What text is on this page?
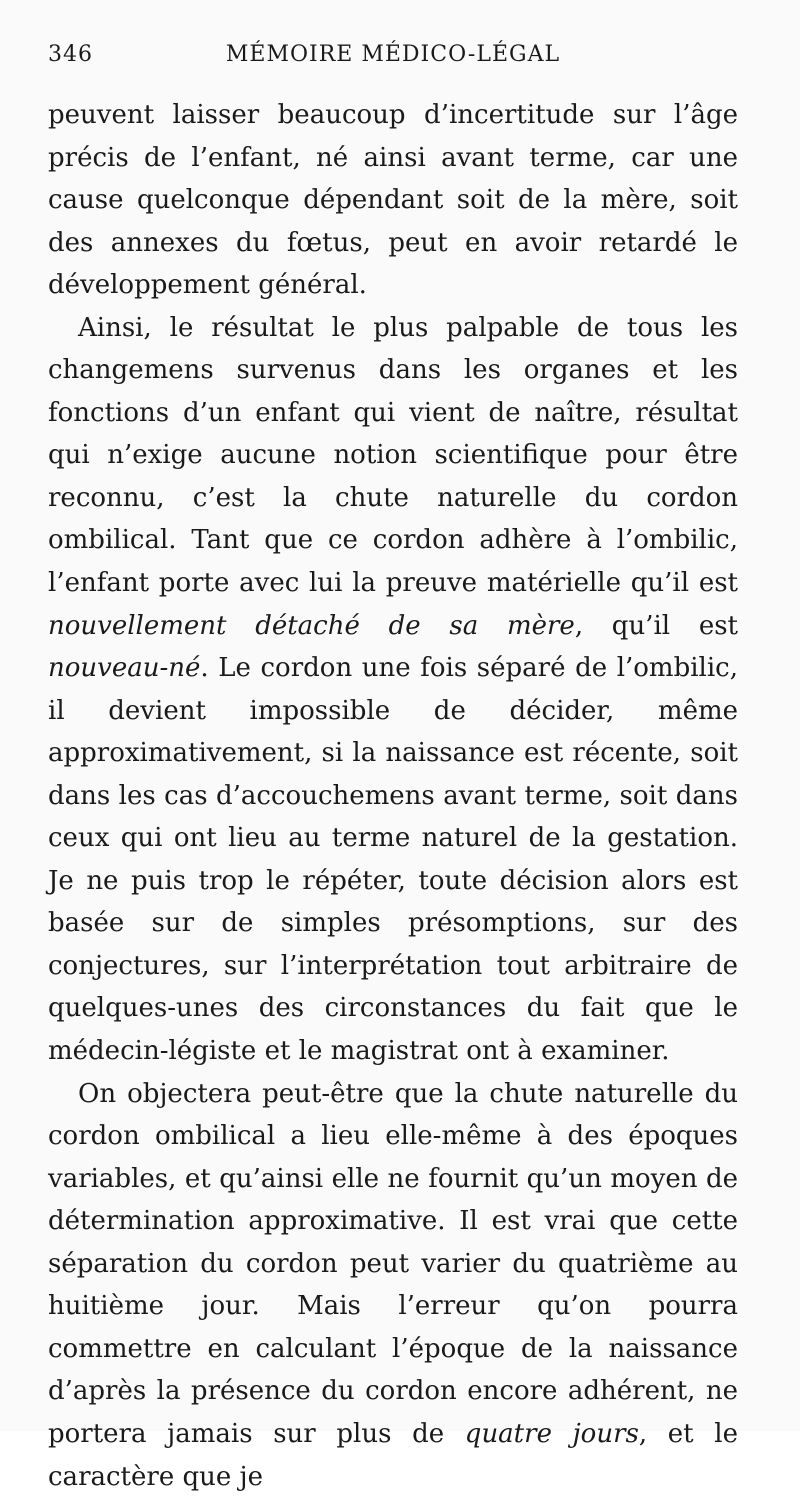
346	MÉMOIRE MÉDICO-LÉGAL

peuvent laisser beaucoup d’incertitude sur l’âge précis de l’enfant, né ainsi avant terme, car une cause quelconque dépendant soit de la mère, soit des annexes du fœtus, peut en avoir retardé le développement général.

Ainsi, le résultat le plus palpable de tous les changemens survenus dans les organes et les fonctions d’un enfant qui vient de naître, résultat qui n’exige aucune notion scientifique pour être reconnu, c’est la chute naturelle du cordon ombilical. Tant que ce cordon adhère à l’ombilic, l’enfant porte avec lui la preuve matérielle qu’il est nouvellement détaché de sa mère, qu’il est nouveau-né. Le cordon une fois séparé de l’ombilic, il devient impossible de décider, même approximativement, si la naissance est récente, soit dans les cas d’accouchemens avant terme, soit dans ceux qui ont lieu au terme naturel de la gestation. Je ne puis trop le répéter, toute décision alors est basée sur de simples présomptions, sur des conjectures, sur l’interprétation tout arbitraire de quelques-unes des circonstances du fait que le médecin-légiste et le magistrat ont à examiner.

On objectera peut-être que la chute naturelle du cordon ombilical a lieu elle-même à des époques variables, et qu’ainsi elle ne fournit qu’un moyen de détermination approximative. Il est vrai que cette séparation du cordon peut varier du quatrième au huitième jour. Mais l’erreur qu’on pourra commettre en calculant l’époque de la naissance d’après la présence du cordon encore adhérent, ne portera jamais sur plus de quatre jours, et le caractère que je
